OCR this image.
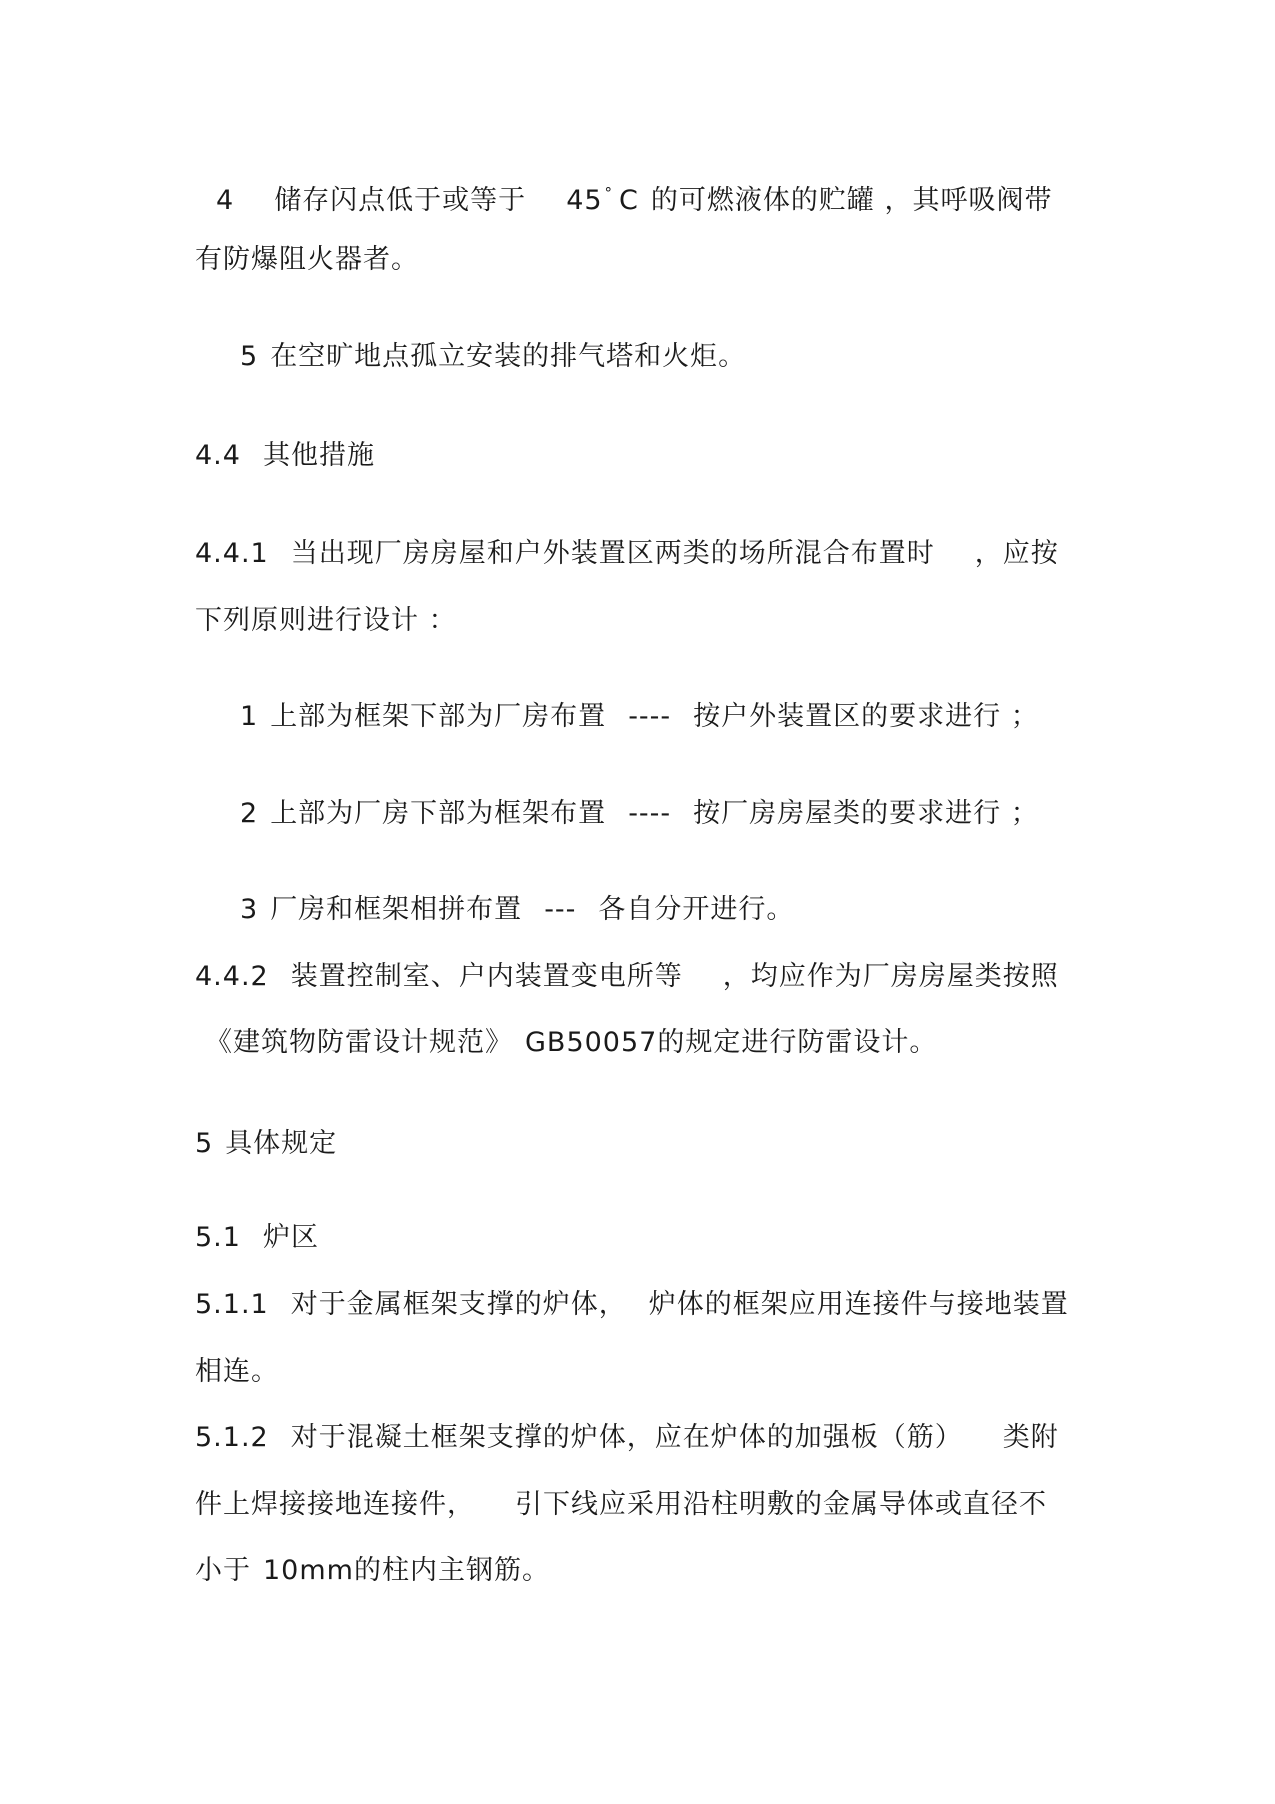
4 储存闪点低于或等于 45 ° C 的可燃液体的贮罐 ，其呼吸阀带
有防爆阻火器者。
5 在空旷地点孤立安装的排气塔和火炬。
4.4 其他措施
4.4.1 当出现厂房房屋和户外装置区两类的场所混合布置时 ，应按
下列原则进行设计 ：
1 上部为框架下部为厂房布置 ---- 按户外装置区的要求进行 ；
2 上部为厂房下部为框架布置 ---- 按厂房房屋类的要求进行 ；
3 厂房和框架相拼布置 --- 各自分开进行。
4.4.2 装置控制室、户内装置变电所等 ，均应作为厂房房屋类按照
《建筑物防雷设计规范》 GB50057的规定进行防雷设计。
5 具体规定
5.1 炉区
5.1.1 对于金属框架支撑的炉体， 炉体的框架应用连接件与接地装置
相连。
5.1.2 对于混凝土框架支撑的炉体，应在炉体的加强板（筋） 类附
件上焊接接地连接件， 引下线应采用沿柱明敷的金属导体或直径不
小于 10mm的柱内主钢筋。
